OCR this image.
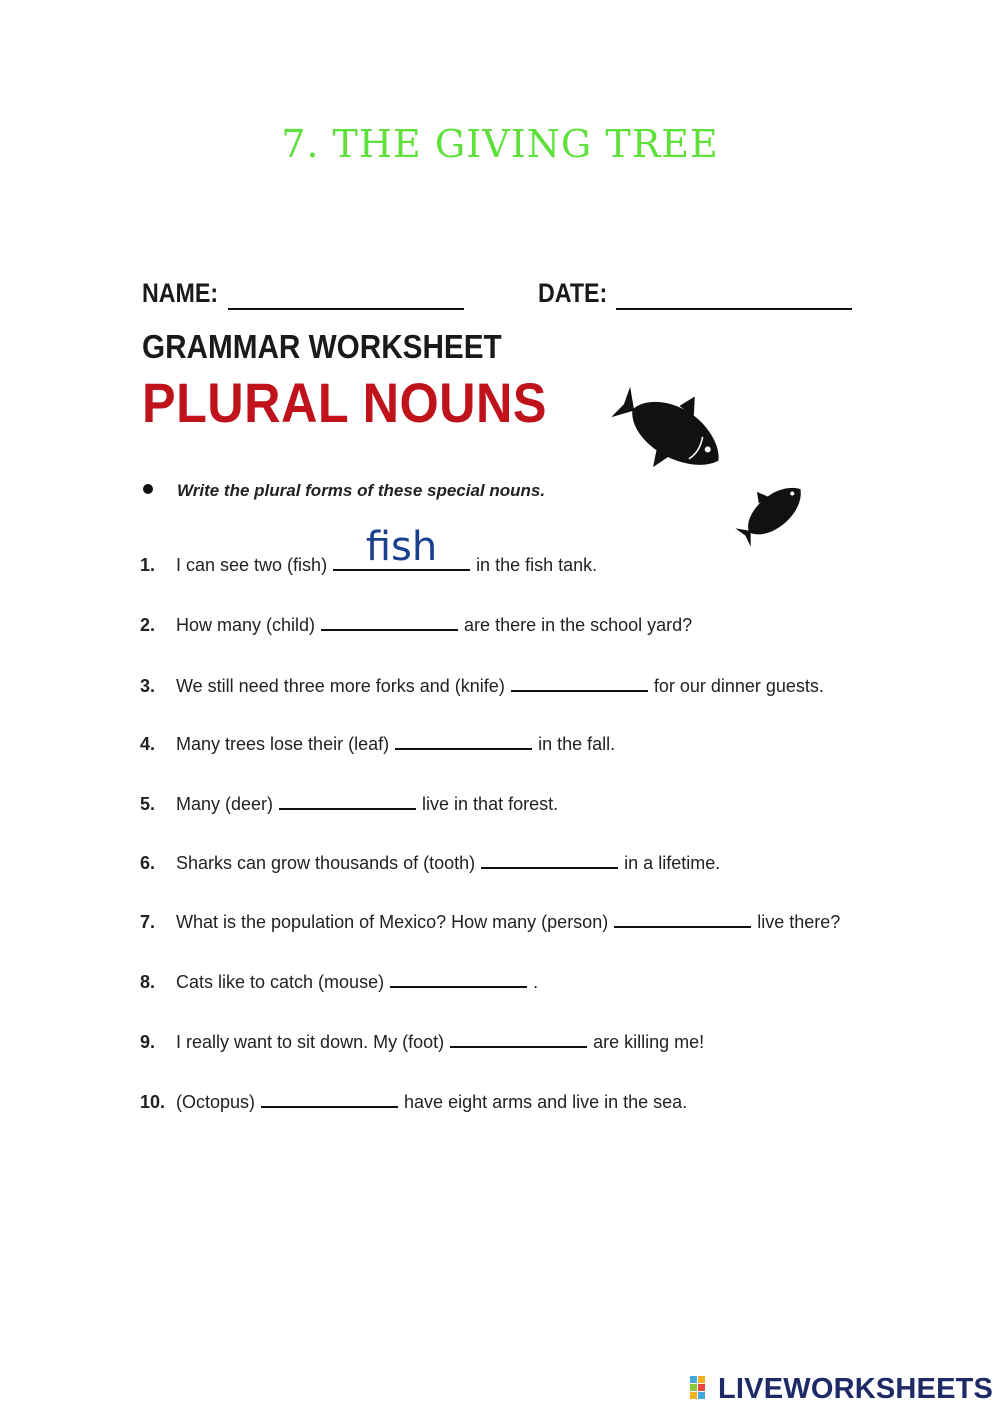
7. THE GIVING TREE
NAME:	DATE:
GRAMMAR WORKSHEET
PLURAL NOUNS
Write the plural forms of these special nouns.
1. I can see two (fish) fish	in the fish tank.
2. How many (child)	are there in the school yard?
3. We still need three more forks and (knife)	for our dinner guests.
4. Many trees lose their (leaf)	in the fall.
5. Many (deer)	live in that forest.
6. Sharks can grow thousands of (tooth)	in a lifetime.
7. What is the population of Mexico? How many (person)	live there?
8. Cats like to catch (mouse)	.
9. I really want to sit down. My (foot)	are killing me!
10. (Octopus)	have eight arms and live in the sea.
LIVEWORKSHEETS
